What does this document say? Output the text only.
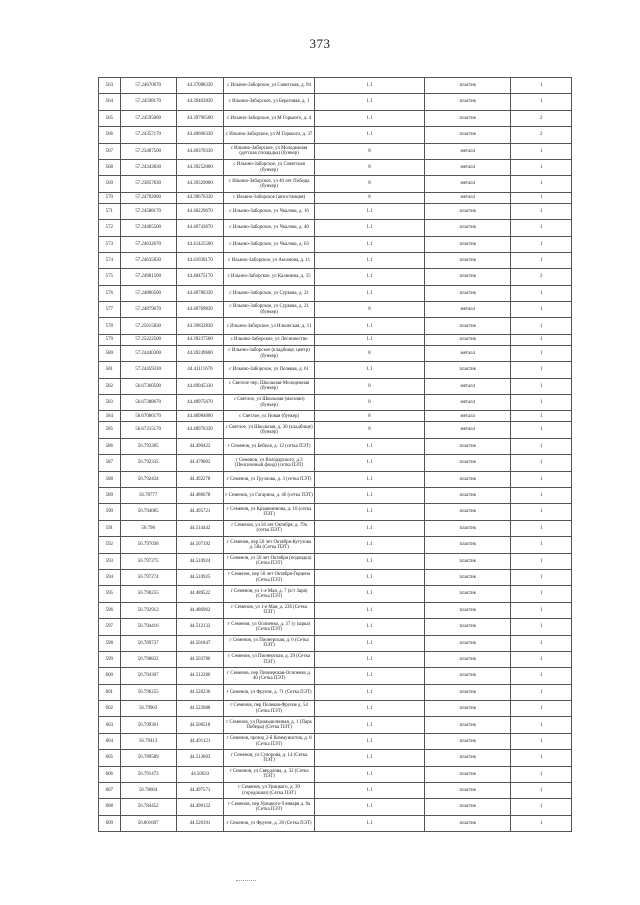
373
563	57.24670670	44.37088330	с Ильино-Заборское, ул Советская, д. 94	1.1	пластик	1
564	57.24598170	44.39402830	с Ильино-Заборское, ул Береговая, д. 1	1.1	пластик	1
565	57.24595000	44.39796500	с Ильино-Заборское, ул М Горького, д. 4	1.1	пластик	2
566	57.24357170	44.40606330	с Ильино-Заборское, ул М Горького, д. 37	1.1	пластик	2
567	57.23487500	44.40370330	с Ильино-Заборское, ул Молодежная (детская площадка) (бункер)	8	металл	1
568	57.24343830	44.39252000	с Ильино-Заборское, ул Советская (бункер)	8	металл	1
569	57.23857830	44.39329000	с Ильино-Заборское, ул 40 лет Победы (бункер)	8	металл	1
570	57.24792000	44.39676330	с Ильино-Заборское (автостанция)	8	металл	1
571	57.24588170	44.40229670	с Ильино-Заборское, ул Чкалова, д. 16	1.1	пластик	1
572	57.24465500	44.40743670	с Ильино-Заборское, ул Чкалова, д. 40	1.1	пластик	1
573	57.24632670	44.41425500	с Ильино-Заборское, ул Чкалова, д. 63	1.1	пластик	1
574	57.24635830	44.41030170	с Ильино-Заборское, ул Аксенова, д. 11	1.1	пластик	1
575	57.24901500	44.40475170	с Ильино-Заборское, ул Калинина, д. 15	1.1	пластик	2
576	57.24886500	44.40780330	с Ильино-Заборское, ул Суркова, д. 21	1.1	пластик	1
577	57.24879670	44.40769830	с Ильино-Заборское, ул Суркова, д. 21 (бункер)	8	металл	1
578	57.25015830	44.39832830	с Ильино-Заборское, ул Ильинская, д. 11	1.1	пластик	1
579	57.25222500	44.39237500	с Ильино-Заборское, ул Лесничество	1.1	пластик	1
580	57.24440300	44.39249600	с Ильино-Заборское (кладбище, центр) (бункер)	8	металл	1
581	57.24459330	44.41111670	с Ильино-Заборское, ул Полевая, д. 61	1.1	пластик	1
582	56.67360500	44.49045330	с Светлое пер. Школьная-Молодежная (бункер)	8	металл	1
583	56.67388670	44.48975670	с Светлое, ул Школьная (магазин) (бункер)	8	металл	1
584	56.67086170	44.48984000	с Светлое, ул Новая (бункер)	8	металл	1
585	56.67215170	44.48970330	с Светлое, ул Школьная, д. 30 (кладбище) (бункер)	8	металл	1
586	56.793385	44.490423	г Семенов, ул Бебеля, д. 12 (сетка ПЭТ)	1.1	пластик	1
587	56.792335	44.479003	г Семенов, ул Володарского, д.3 (Пенсионный фонд) (сетка ПЭТ)	1.1	пластик	1
588	56.792434	44.492278	г Семенов, ул Грузлова, д. 3 (сетка ПЭТ)	1.1	пластик	1
589	56.78777	44.486678	г Семенов, ул Гагарина, д. 46 (сетка ПЭТ)	1.1	пластик	1
590	56.794085	44.495721	г Семенов, ул Крашенинова, д. 10 (сетка ПЭТ)	1.1	пластик	1
591	56.798	44.514442	г Семенов, ул 50 лет Октября, д. 79а (сетка ПЭТ)	1.1	пластик	1
592	56.797038	44.507192	г Семенов, пер 50 лет Октября-Кутузова д. 58а (Сетка ПЭТ)	1.1	пластик	1
593	56.797275	44.510924	г Семенов, ул 50 лет Октября (подводка) (Сетка ПЭТ)	1.1	пластик	1
594	56.797274	44.510925	г Семенов, пер 50 лет Октября-Герцена (Сетка ПЭТ)	1.1	пластик	1
595	56.790255	44.489522	г Семенов, ул 1-е Мая, д. 7 (к/т Заря) (Сетка ПЭТ)	1.1	пластик	1
596	56.792912	44.486962	г Семенов, ул 1-е Мая, д. 23б (Сетка ПЭТ)	1.1	пластик	1
597	56.794416	44.512133	г Семенов, ул Осипенко, д. 37 (у парка) (Сетка ПЭТ)	1.1	пластик	1
598	56.789737	44.501847	г Семенов, ул Пионерская, д. 6 (Сетка ПЭТ)	1.1	пластик	1
599	56.790832	44.503786	г Семенов, ул Пионерская, д. 29 (Сетка ПЭТ)	1.1	пластик	1
600	56.794307	44.512286	г Семенов, пер Пионерская-Осипенко д. 40 (Сетка ПЭТ)	1.1	пластик	1
601	56.796255	44.526236	г Семенов, ул Фрунзе, д. 71 (Сетка ПЭТ)	1.1	пластик	1
602	56.79903	44.522688	г Семенов, пер Полевая-Фрунзе д. 54 (Сетка ПЭТ)	1.1	пластик	1
603	56.799301	44.500518	г Семенов, ул Промышленная, д. 1 (Парк Победы) (Сетка ПЭТ)	1.1	пластик	1
604	56.79413	44.491121	г Семенов, проезд 2-й Коммунистов, д. 8 (Сетка ПЭТ)	1.1	пластик	1
605	56.789589	44.513603	г Семенов, ул Суворова, д. 14 (Сетка ПЭТ)	1.1	пластик	1
606	56.791473	44.50033	г Семенов, ул Свердлова, д. 32 (Сетка ПЭТ)	1.1	пластик	1
607	56.78604	44.497571	г Семенов, ул Урицкого, д. 39 (городошки) (Сетка ПЭТ)	1.1	пластик	1
608	56.784452	44.490152	г Семенов, пер Урицкого-9 января д. 8а (Сетка ПЭТ)	1.1	пластик	1
609	56.801607	44.520191	г Семенов, ул Фрунзе, д. 28 (Сетка ПЭТ)	1.1	пластик	1
